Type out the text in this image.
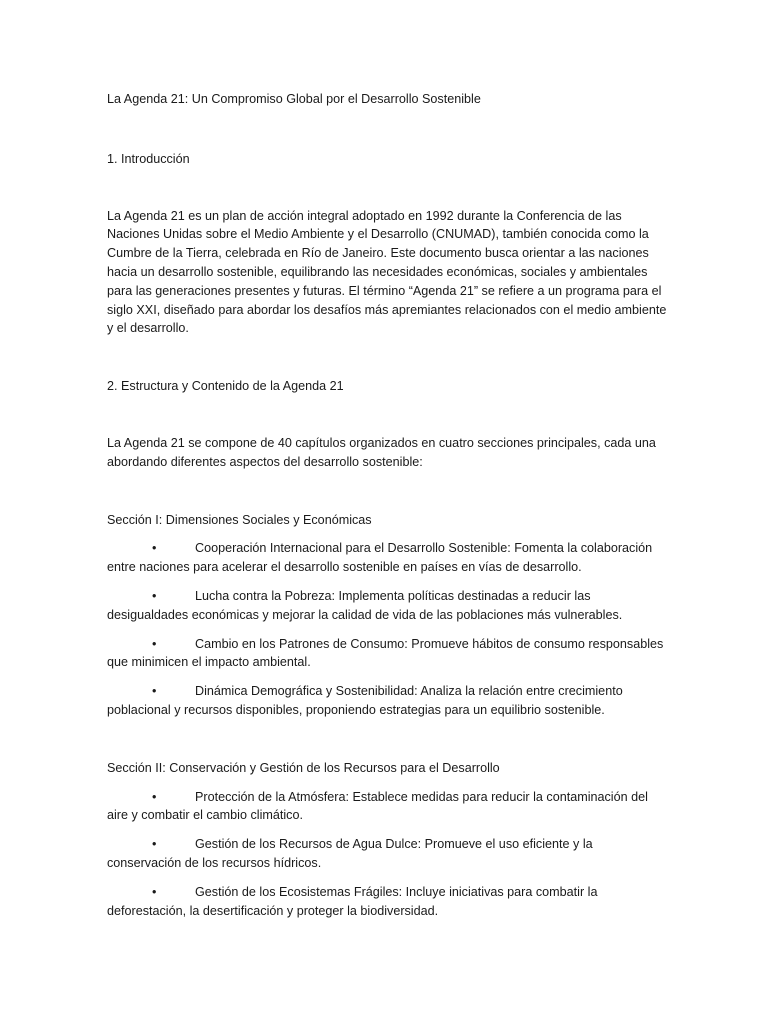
La Agenda 21: Un Compromiso Global por el Desarrollo Sostenible
1. Introducción
La Agenda 21 es un plan de acción integral adoptado en 1992 durante la Conferencia de las Naciones Unidas sobre el Medio Ambiente y el Desarrollo (CNUMAD), también conocida como la Cumbre de la Tierra, celebrada en Río de Janeiro. Este documento busca orientar a las naciones hacia un desarrollo sostenible, equilibrando las necesidades económicas, sociales y ambientales para las generaciones presentes y futuras. El término “Agenda 21” se refiere a un programa para el siglo XXI, diseñado para abordar los desafíos más apremiantes relacionados con el medio ambiente y el desarrollo.
2. Estructura y Contenido de la Agenda 21
La Agenda 21 se compone de 40 capítulos organizados en cuatro secciones principales, cada una abordando diferentes aspectos del desarrollo sostenible:
Sección I: Dimensiones Sociales y Económicas
•	Cooperación Internacional para el Desarrollo Sostenible: Fomenta la colaboración
entre naciones para acelerar el desarrollo sostenible en países en vías de desarrollo.
•	Lucha contra la Pobreza: Implementa políticas destinadas a reducir las
desigualdades económicas y mejorar la calidad de vida de las poblaciones más vulnerables.
•	Cambio en los Patrones de Consumo: Promueve hábitos de consumo responsables
que minimicen el impacto ambiental.
•	Dinámica Demográfica y Sostenibilidad: Analiza la relación entre crecimiento
poblacional y recursos disponibles, proponiendo estrategias para un equilibrio sostenible.
Sección II: Conservación y Gestión de los Recursos para el Desarrollo
•	Protección de la Atmósfera: Establece medidas para reducir la contaminación del
aire y combatir el cambio climático.
•	Gestión de los Recursos de Agua Dulce: Promueve el uso eficiente y la
conservación de los recursos hídricos.
•	Gestión de los Ecosistemas Frágiles: Incluye iniciativas para combatir la
deforestación, la desertificación y proteger la biodiversidad.
